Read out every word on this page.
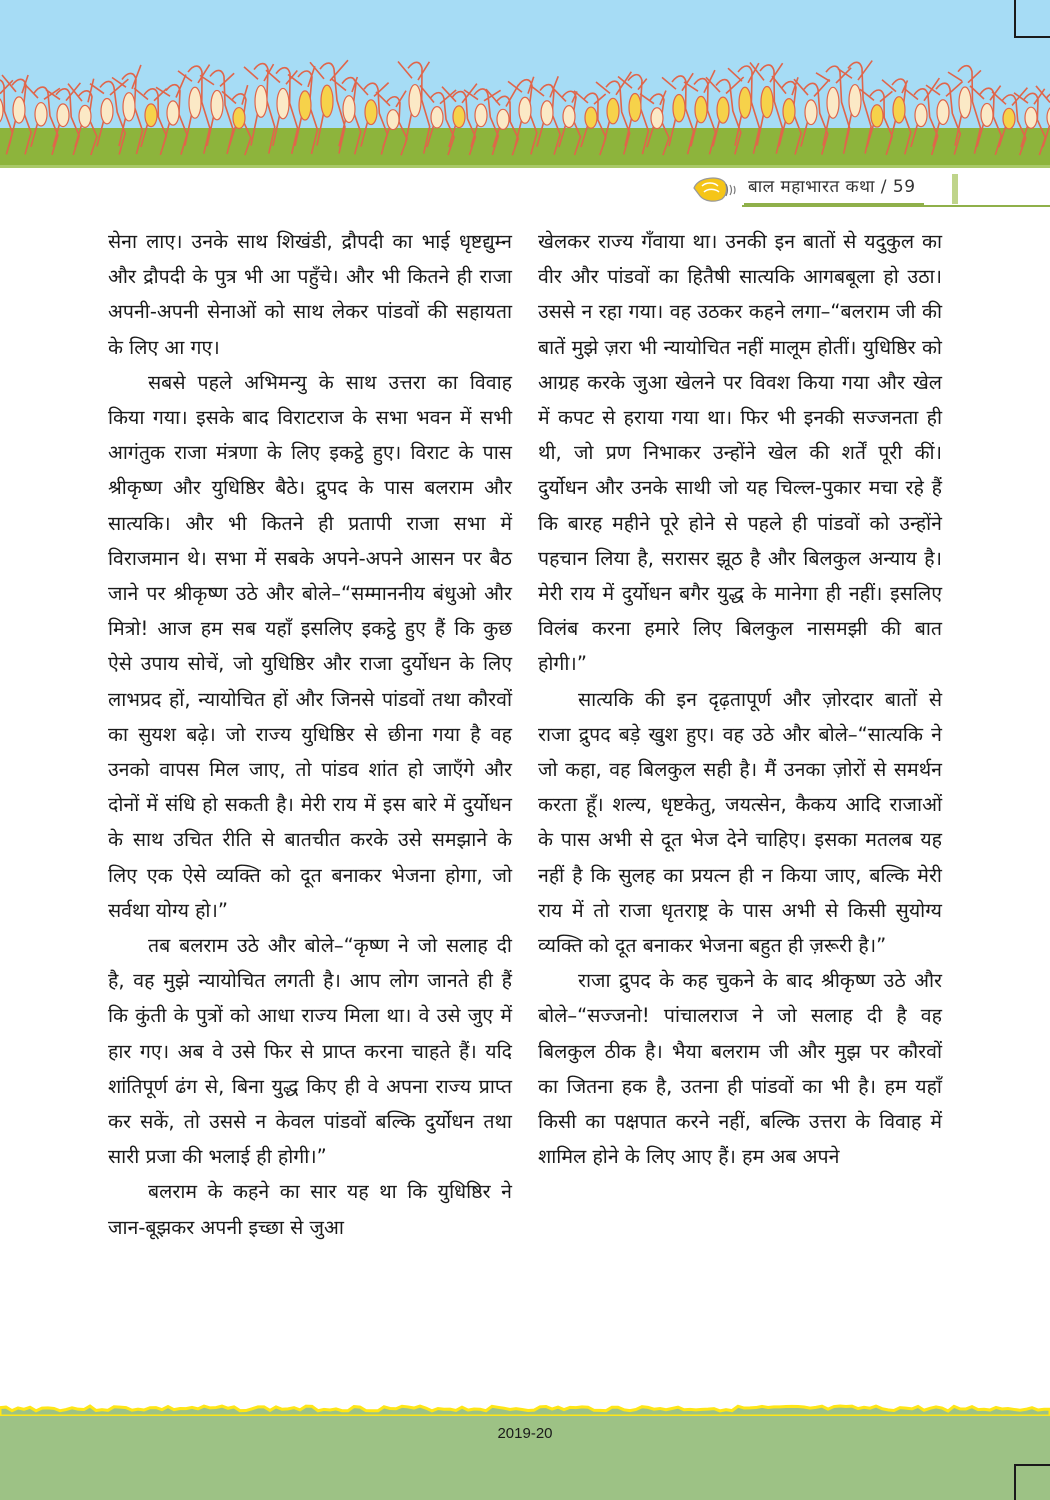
बाल महाभारत कथा / 59

सेना लाए। उनके साथ शिखंडी, द्रौपदी का भाई धृष्टद्युम्न और द्रौपदी के पुत्र भी आ पहुँचे। और भी कितने ही राजा अपनी-अपनी सेनाओं को साथ लेकर पांडवों की सहायता के लिए आ गए।

सबसे पहले अभिमन्यु के साथ उत्तरा का विवाह किया गया। इसके बाद विराटराज के सभा भवन में सभी आगंतुक राजा मंत्रणा के लिए इकट्ठे हुए। विराट के पास श्रीकृष्ण और युधिष्ठिर बैठे। द्रुपद के पास बलराम और सात्यकि। और भी कितने ही प्रतापी राजा सभा में विराजमान थे। सभा में सबके अपने-अपने आसन पर बैठ जाने पर श्रीकृष्ण उठे और बोले–“सम्माननीय बंधुओ और मित्रो! आज हम सब यहाँ इसलिए इकट्ठे हुए हैं कि कुछ ऐसे उपाय सोचें, जो युधिष्ठिर और राजा दुर्योधन के लिए लाभप्रद हों, न्यायोचित हों और जिनसे पांडवों तथा कौरवों का सुयश बढ़े। जो राज्य युधिष्ठिर से छीना गया है वह उनको वापस मिल जाए, तो पांडव शांत हो जाएँगे और दोनों में संधि हो सकती है। मेरी राय में इस बारे में दुर्योधन के साथ उचित रीति से बातचीत करके उसे समझाने के लिए एक ऐसे व्यक्ति को दूत बनाकर भेजना होगा, जो सर्वथा योग्य हो।”

तब बलराम उठे और बोले–“कृष्ण ने जो सलाह दी है, वह मुझे न्यायोचित लगती है। आप लोग जानते ही हैं कि कुंती के पुत्रों को आधा राज्य मिला था। वे उसे जुए में हार गए। अब वे उसे फिर से प्राप्त करना चाहते हैं। यदि शांतिपूर्ण ढंग से, बिना युद्ध किए ही वे अपना राज्य प्राप्त कर सकें, तो उससे न केवल पांडवों बल्कि दुर्योधन तथा सारी प्रजा की भलाई ही होगी।”

बलराम के कहने का सार यह था कि युधिष्ठिर ने जान-बूझकर अपनी इच्छा से जुआ

खेलकर राज्य गँवाया था। उनकी इन बातों से यदुकुल का वीर और पांडवों का हितैषी सात्यकि आगबबूला हो उठा। उससे न रहा गया। वह उठकर कहने लगा–“बलराम जी की बातें मुझे ज़रा भी न्यायोचित नहीं मालूम होतीं। युधिष्ठिर को आग्रह करके जुआ खेलने पर विवश किया गया और खेल में कपट से हराया गया था। फिर भी इनकी सज्जनता ही थी, जो प्रण निभाकर उन्होंने खेल की शर्तें पूरी कीं। दुर्योधन और उनके साथी जो यह चिल्ल-पुकार मचा रहे हैं कि बारह महीने पूरे होने से पहले ही पांडवों को उन्होंने पहचान लिया है, सरासर झूठ है और बिलकुल अन्याय है। मेरी राय में दुर्योधन बगैर युद्ध के मानेगा ही नहीं। इसलिए विलंब करना हमारे लिए बिलकुल नासमझी की बात होगी।”

सात्यकि की इन दृढ़तापूर्ण और ज़ोरदार बातों से राजा द्रुपद बड़े खुश हुए। वह उठे और बोले–“सात्यकि ने जो कहा, वह बिलकुल सही है। मैं उनका ज़ोरों से समर्थन करता हूँ। शल्य, धृष्टकेतु, जयत्सेन, कैकय आदि राजाओं के पास अभी से दूत भेज देने चाहिए। इसका मतलब यह नहीं है कि सुलह का प्रयत्न ही न किया जाए, बल्कि मेरी राय में तो राजा धृतराष्ट्र के पास अभी से किसी सुयोग्य व्यक्ति को दूत बनाकर भेजना बहुत ही ज़रूरी है।”

राजा द्रुपद के कह चुकने के बाद श्रीकृष्ण उठे और बोले–“सज्जनो! पांचालराज ने जो सलाह दी है वह बिलकुल ठीक है। भैया बलराम जी और मुझ पर कौरवों का जितना हक है, उतना ही पांडवों का भी है। हम यहाँ किसी का पक्षपात करने नहीं, बल्कि उत्तरा के विवाह में शामिल होने के लिए आए हैं। हम अब अपने

2019-20
